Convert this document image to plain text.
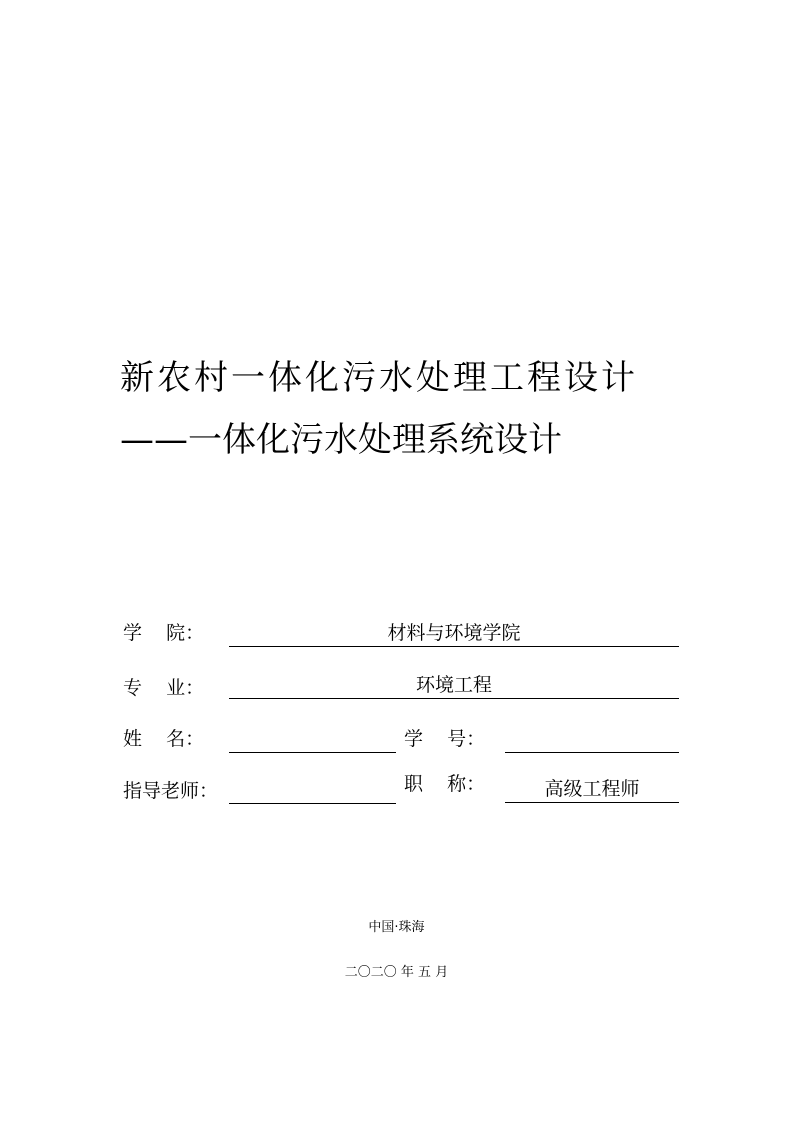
新农村一体化污水处理工程设计
——一体化污水处理系统设计
学    院：	材料与环境学院
专    业：	环境工程
姓    名：	学    号：
指导老师：	职    称：	高级工程师
中国·珠海
二〇二〇 年 五 月
